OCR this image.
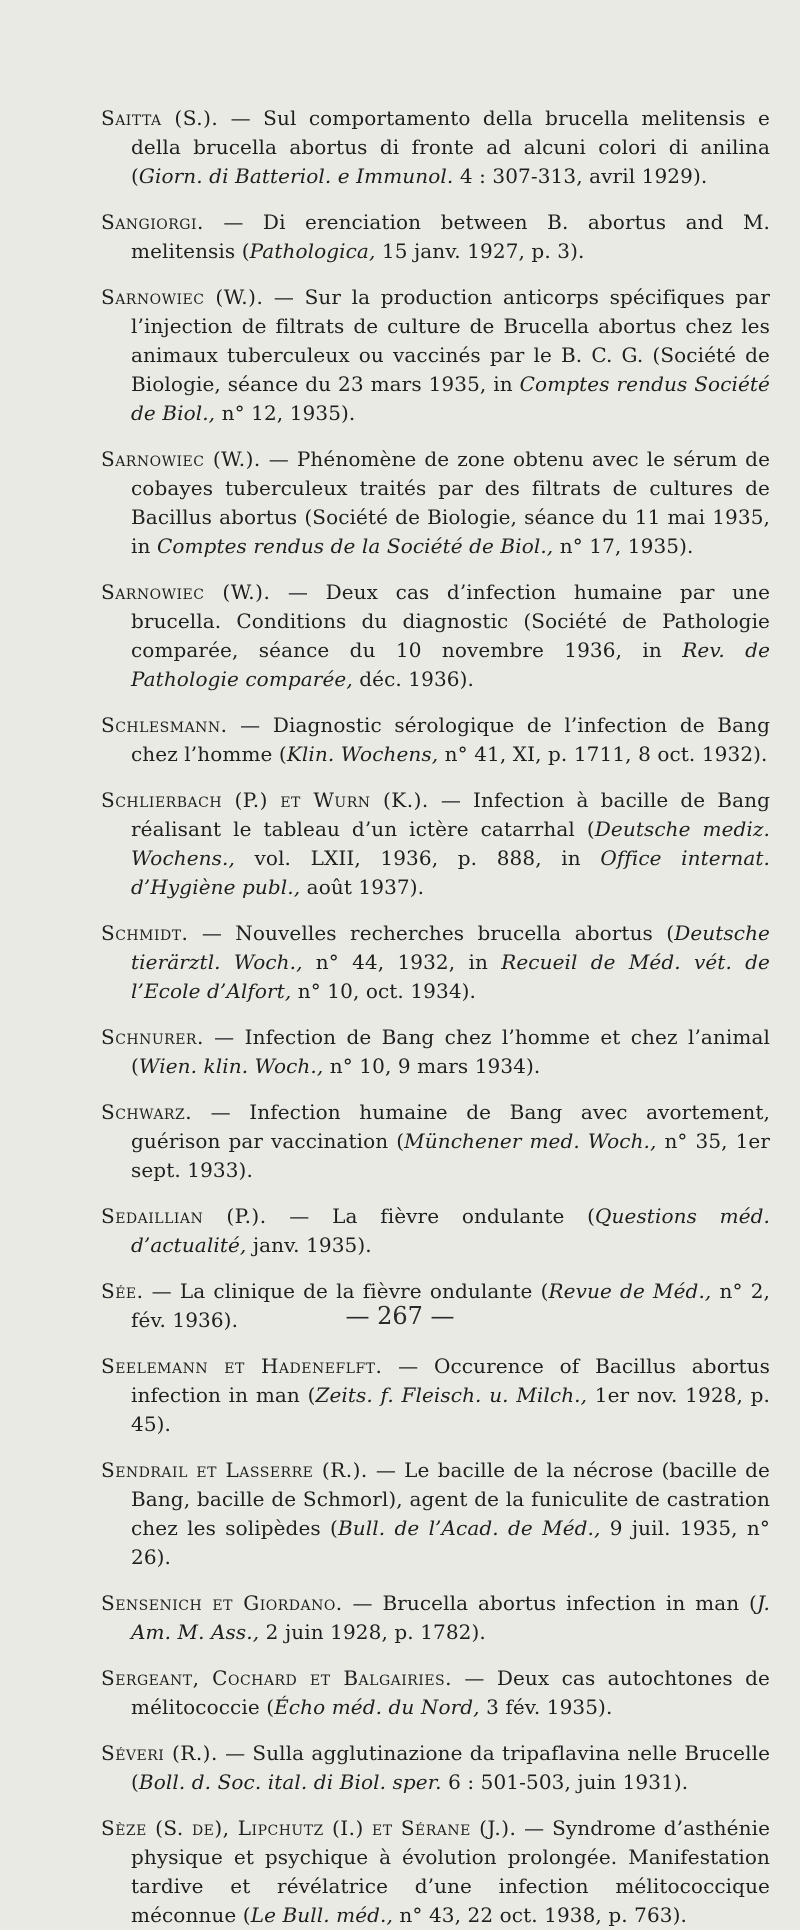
Saitta (S.). — Sul comportamento della brucella melitensis e della brucella abortus di fronte ad alcuni colori di anilina (Giorn. di Batteriol. e Immunol. 4 : 307-313, avril 1929).

Sangiorgi. — Di erenciation between B. abortus and M. melitensis (Pathologica, 15 janv. 1927, p. 3).

Sarnowiec (W.). — Sur la production anticorps spécifiques par l’injection de filtrats de culture de Brucella abortus chez les animaux tuberculeux ou vaccinés par le B. C. G. (Société de Biologie, séance du 23 mars 1935, in Comptes rendus Société de Biol., n° 12, 1935).

Sarnowiec (W.). — Phénomène de zone obtenu avec le sérum de cobayes tuberculeux traités par des filtrats de cultures de Bacillus abortus (Société de Biologie, séance du 11 mai 1935, in Comptes rendus de la Société de Biol., n° 17, 1935).

Sarnowiec (W.). — Deux cas d’infection humaine par une brucella. Conditions du diagnostic (Société de Pathologie comparée, séance du 10 novembre 1936, in Rev. de Pathologie comparée, déc. 1936).

Schlesmann. — Diagnostic sérologique de l’infection de Bang chez l’homme (Klin. Wochens, n° 41, XI, p. 1711, 8 oct. 1932).

Schlierbach (P.) et Wurn (K.). — Infection à bacille de Bang réalisant le tableau d’un ictère catarrhal (Deutsche mediz. Wochens., vol. LXII, 1936, p. 888, in Office internat. d’Hygiène publ., août 1937).

Schmidt. — Nouvelles recherches brucella abortus (Deutsche tierärztl. Woch., n° 44, 1932, in Recueil de Méd. vét. de l’Ecole d’Alfort, n° 10, oct. 1934).

Schnurer. — Infection de Bang chez l’homme et chez l’animal (Wien. klin. Woch., n° 10, 9 mars 1934).

Schwarz. — Infection humaine de Bang avec avortement, guérison par vaccination (Münchener med. Woch., n° 35, 1er sept. 1933).

Sedaillian (P.). — La fièvre ondulante (Questions méd. d’actualité, janv. 1935).

Sée. — La clinique de la fièvre ondulante (Revue de Méd., n° 2, fév. 1936).

Seelemann et Hadeneflft. — Occurence of Bacillus abortus infection in man (Zeits. f. Fleisch. u. Milch., 1er nov. 1928, p. 45).

Sendrail et Lasserre (R.). — Le bacille de la nécrose (bacille de Bang, bacille de Schmorl), agent de la funiculite de castration chez les solipèdes (Bull. de l’Acad. de Méd., 9 juil. 1935, n° 26).

Sensenich et Giordano. — Brucella abortus infection in man (J. Am. M. Ass., 2 juin 1928, p. 1782).

Sergeant, Cochard et Balgairies. — Deux cas autochtones de mélitococcie (Écho méd. du Nord, 3 fév. 1935).

Séveri (R.). — Sulla agglutinazione da tripaflavina nelle Brucelle (Boll. d. Soc. ital. di Biol. sper. 6 : 501-503, juin 1931).

Sèze (S. de), Lipchutz (I.) et Sérane (J.). — Syndrome d’asthénie physique et psychique à évolution prolongée. Manifestation tardive et révélatrice d’une infection mélitococcique méconnue (Le Bull. méd., n° 43, 22 oct. 1938, p. 763).

— 267 —
